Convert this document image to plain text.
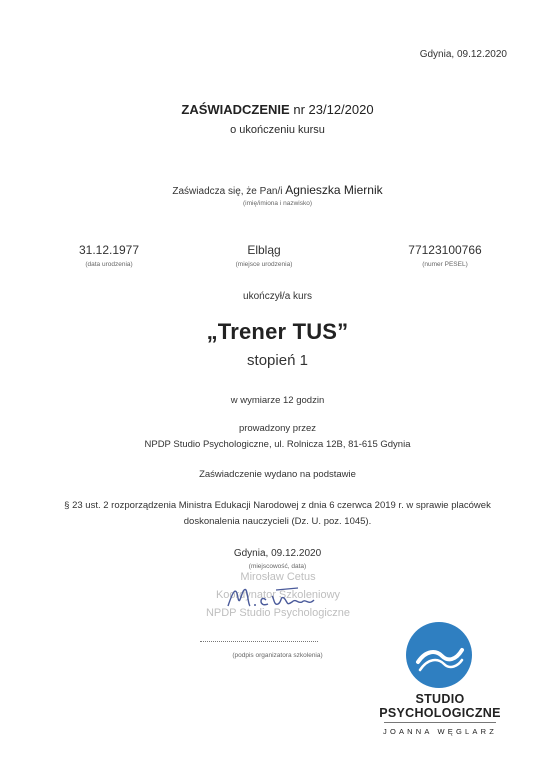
Gdynia, 09.12.2020
ZAŚWIADCZENIE nr 23/12/2020
o ukończeniu kursu
Zaświadcza się, że Pan/i Agnieszka Miernik
(imię/imiona i nazwisko)
31.12.1977
(data urodzenia)
Elbląg
(miejsce urodzenia)
77123100766
(numer PESEL)
ukończył/a kurs
„Trener TUS”
stopień 1
w wymiarze 12 godzin
prowadzony przez
NPDP Studio Psychologiczne, ul. Rolnicza 12B, 81-615 Gdynia
Zaświadczenie wydano na podstawie
§ 23 ust. 2 rozporządzenia Ministra Edukacji Narodowej z dnia 6 czerwca 2019 r. w sprawie placówek
doskonalenia nauczycieli (Dz. U. poz. 1045).
Gdynia, 09.12.2020
(miejscowość, data)
Mirosław Cetus
Koordynator Szkoleniowy
NPDP Studio Psychologiczne
(podpis organizatora szkolenia)
STUDIO
PSYCHOLOGICZNE
JOANNA WĘGLARZ
